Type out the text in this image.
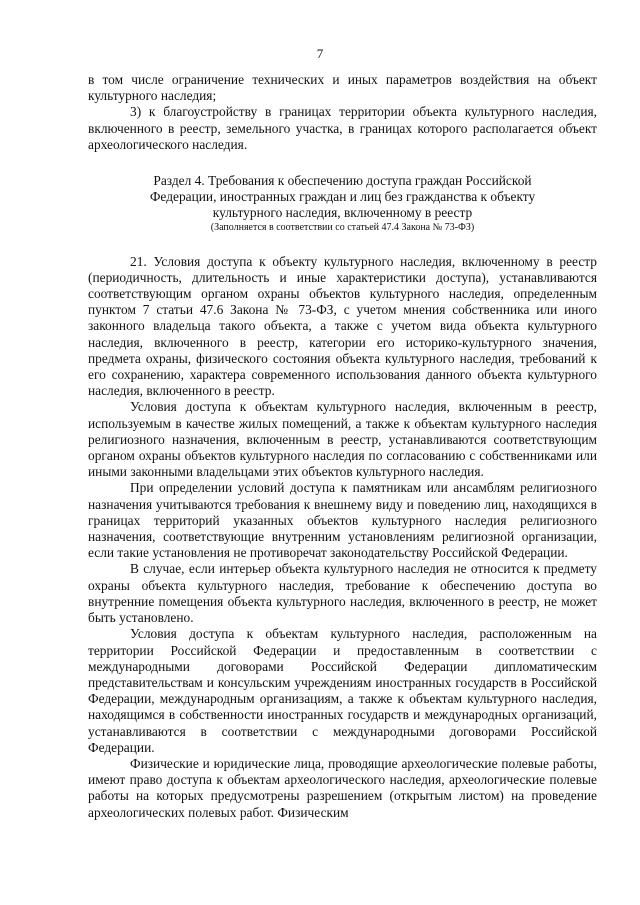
7

в том числе ограничение технических и иных параметров воздействия на объект культурного наследия;

3) к благоустройству в границах территории объекта культурного наследия, включенного в реестр, земельного участка, в границах которого располагается объект археологического наследия.

Раздел 4. Требования к обеспечению доступа граждан Российской Федерации, иностранных граждан и лиц без гражданства к объекту культурного наследия, включенному в реестр

(Заполняется в соответствии со статьей 47.4 Закона № 73-ФЗ)

21. Условия доступа к объекту культурного наследия, включенному в реестр (периодичность, длительность и иные характеристики доступа), устанавливаются соответствующим органом охраны объектов культурного наследия, определенным пунктом 7 статьи 47.6 Закона № 73-ФЗ, с учетом мнения собственника или иного законного владельца такого объекта, а также с учетом вида объекта культурного наследия, включенного в реестр, категории его историко-культурного значения, предмета охраны, физического состояния объекта культурного наследия, требований к его сохранению, характера современного использования данного объекта культурного наследия, включенного в реестр.

Условия доступа к объектам культурного наследия, включенным в реестр, используемым в качестве жилых помещений, а также к объектам культурного наследия религиозного назначения, включенным в реестр, устанавливаются соответствующим органом охраны объектов культурного наследия по согласованию с собственниками или иными законными владельцами этих объектов культурного наследия.

При определении условий доступа к памятникам или ансамблям религиозного назначения учитываются требования к внешнему виду и поведению лиц, находящихся в границах территорий указанных объектов культурного наследия религиозного назначения, соответствующие внутренним установлениям религиозной организации, если такие установления не противоречат законодательству Российской Федерации.

В случае, если интерьер объекта культурного наследия не относится к предмету охраны объекта культурного наследия, требование к обеспечению доступа во внутренние помещения объекта культурного наследия, включенного в реестр, не может быть установлено.

Условия доступа к объектам культурного наследия, расположенным на территории Российской Федерации и предоставленным в соответствии с международными договорами Российской Федерации дипломатическим представительствам и консульским учреждениям иностранных государств в Российской Федерации, международным организациям, а также к объектам культурного наследия, находящимся в собственности иностранных государств и международных организаций, устанавливаются в соответствии с международными договорами Российской Федерации.

Физические и юридические лица, проводящие археологические полевые работы, имеют право доступа к объектам археологического наследия, археологические полевые работы на которых предусмотрены разрешением (открытым листом) на проведение археологических полевых работ. Физическим
